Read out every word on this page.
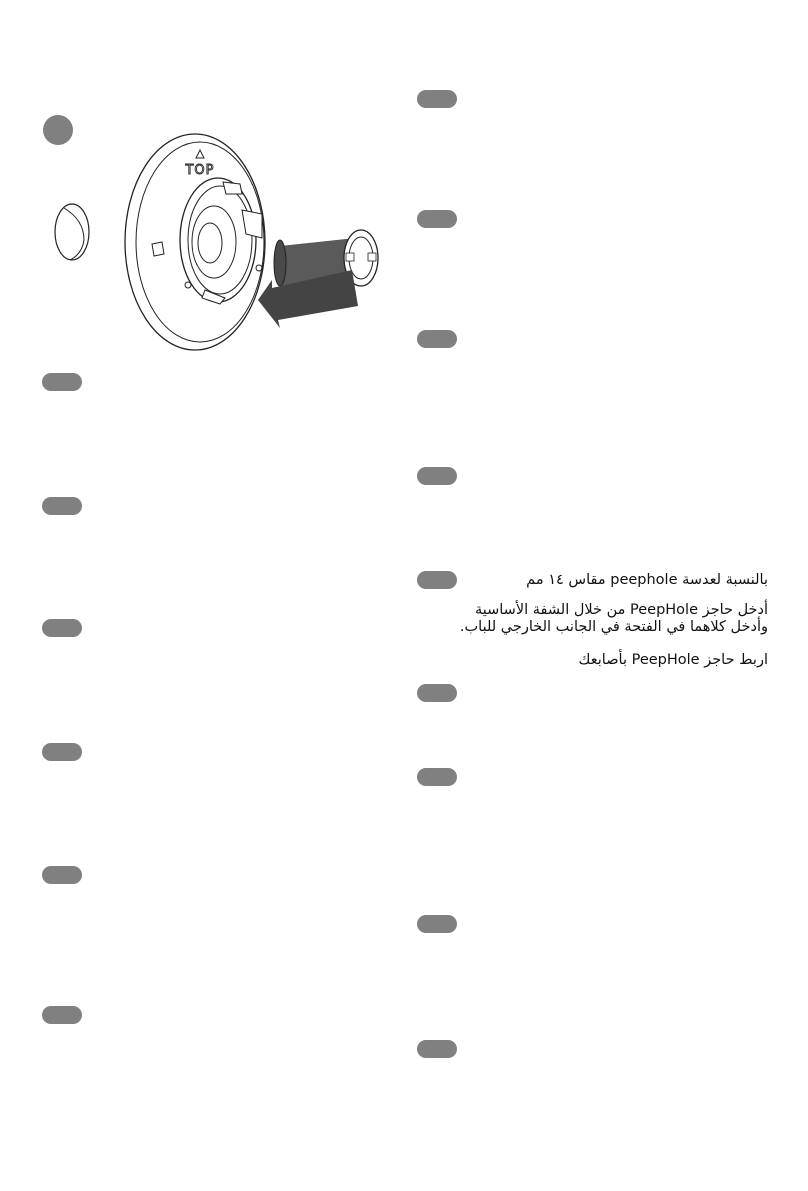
TOP

بالنسبة لعدسة peephole مقاس ١٤ مم

أدخل حاجز PeepHole من خلال الشفة الأساسية

وأدخل كلاهما في الفتحة في الجانب الخارجي للباب.

اربط حاجز PeepHole بأصابعك
